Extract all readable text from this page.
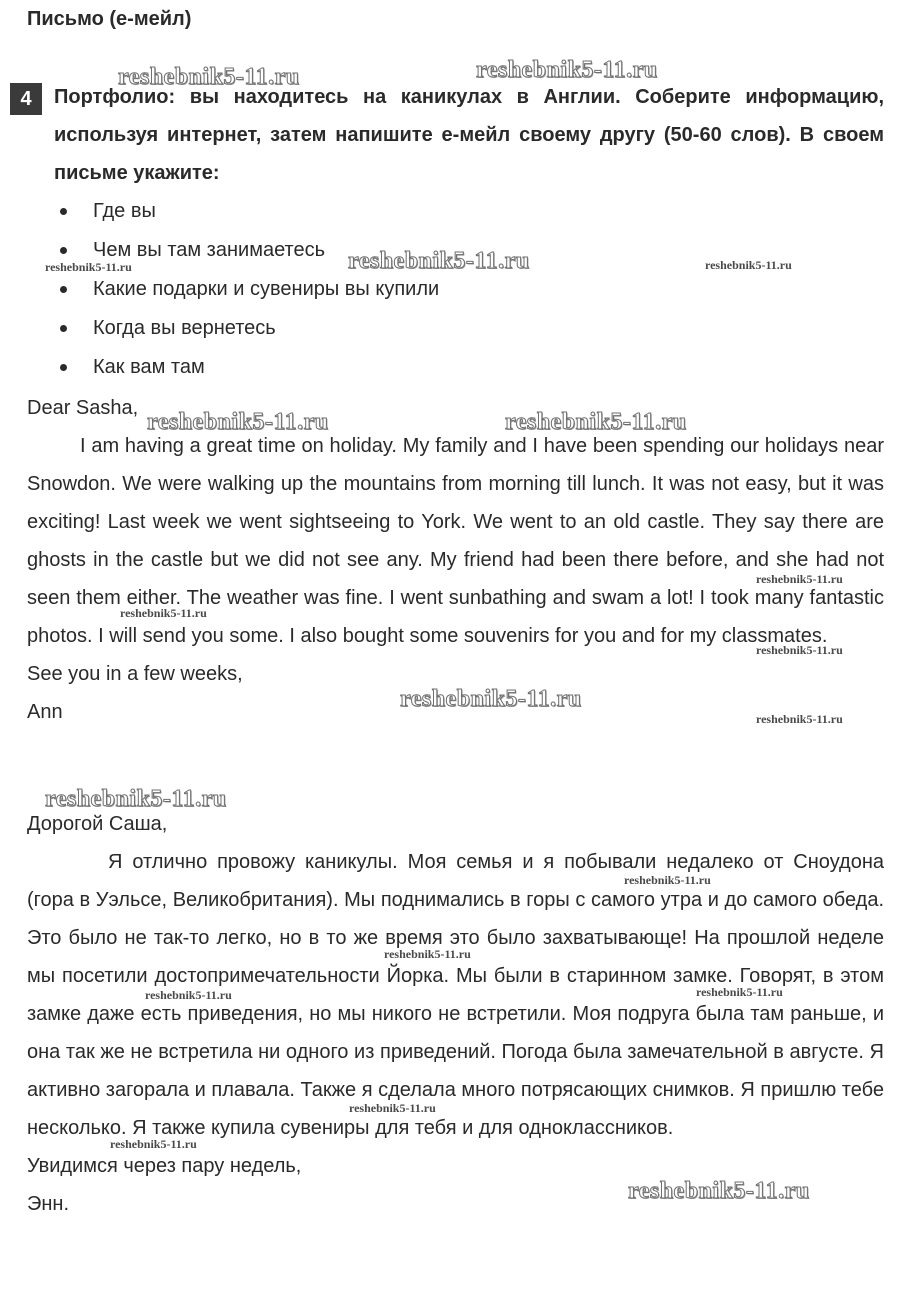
Письмо (е-мейл)
4	Портфолио: вы находитесь на каникулах в Англии. Соберите информацию, используя интернет, затем напишите е-мейл своему другу (50-60 слов). В своем письме укажите:
Где вы
Чем вы там занимаетесь
Какие подарки и сувениры вы купили
Когда вы вернетесь
Как вам там

Dear Sasha,

I am having a great time on holiday. My family and I have been spending our holidays near Snowdon. We were walking up the mountains from morning till lunch. It was not easy, but it was exciting! Last week we went sightseeing to York. We went to an old castle. They say there are ghosts in the castle but we did not see any. My friend had been there before, and she had not seen them either. The weather was fine. I went sunbathing and swam a lot! I took many fantastic photos. I will send you some. I also bought some souvenirs for you and for my classmates.

See you in a few weeks,

Ann

Дорогой Саша,

Я отлично провожу каникулы. Моя семья и я побывали недалеко от Сноудона (гора в Уэльсе, Великобритания). Мы поднимались в горы с самого утра и до самого обеда. Это было не так-то легко, но в то же время это было захватывающе! На прошлой неделе мы посетили достопримечательности Йорка. Мы были в старинном замке. Говорят, в этом замке даже есть приведения, но мы никого не встретили. Моя подруга была там раньше, и она так же не встретила ни одного из приведений. Погода была замечательной в августе. Я активно загорала и плавала. Также я сделала много потрясающих снимков. Я пришлю тебе несколько. Я также купила сувениры для тебя и для одноклассников.

Увидимся через пару недель,

Энн.

reshebnik5-11.ru	reshebnik5-11.ru
reshebnik5-11.ru
reshebnik5-11.ru	reshebnik5-11.ru
reshebnik5-11.ru	reshebnik5-11.ru
reshebnik5-11.ru
reshebnik5-11.ru
reshebnik5-11.ru
reshebnik5-11.ru
reshebnik5-11.ru
reshebnik5-11.ru
reshebnik5-11.ru
reshebnik5-11.ru
reshebnik5-11.ru	reshebnik5-11.ru
reshebnik5-11.ru
reshebnik5-11.ru
reshebnik5-11.ru
